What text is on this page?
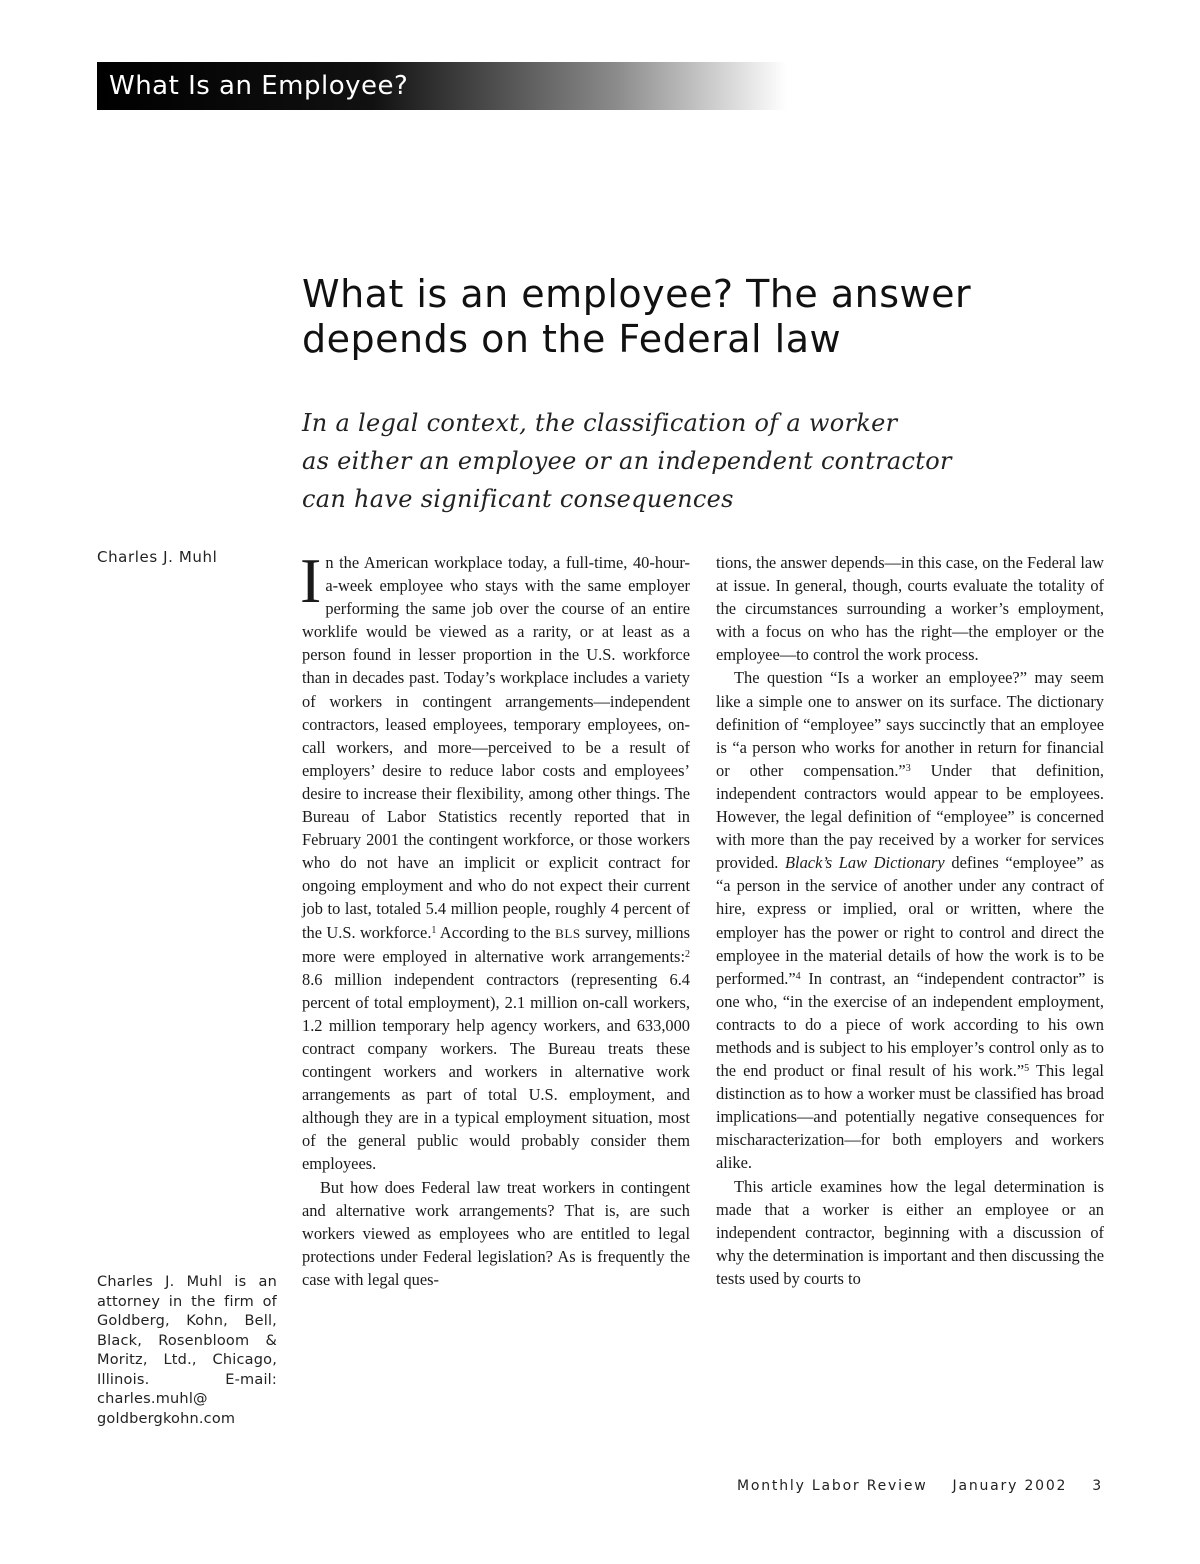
What Is an Employee?
What is an employee? The answer
depends on the Federal law

In a legal context, the classification of a worker
as either an employee or an independent contractor
can have significant consequences

Charles J. Muhl
Charles J. Muhl is an attorney in the firm of Goldberg, Kohn, Bell, Black, Rosenbloom & Moritz, Ltd., Chicago, Illinois. E-mail: charles.muhl@ goldbergkohn.com

In the American workplace today, a full-time, 40-hour-a-week employee who stays with the same employer performing the same job over the course of an entire worklife would be viewed as a rarity, or at least as a person found in lesser proportion in the U.S. workforce than in decades past. Today’s workplace includes a variety of workers in contingent arrangements—independent contractors, leased employees, temporary employees, on-call workers, and more—perceived to be a result of employers’ desire to reduce labor costs and employees’ desire to increase their flexibility, among other things. The Bureau of Labor Statistics recently reported that in February 2001 the contingent workforce, or those workers who do not have an implicit or explicit contract for ongoing employment and who do not expect their current job to last, totaled 5.4 million people, roughly 4 percent of the U.S. workforce.$^1$ According to the BLS survey, millions more were employed in alternative work arrangements:$^2$ 8.6 million independent contractors (representing 6.4 percent of total employment), 2.1 million on-call workers, 1.2 million temporary help agency workers, and 633,000 contract company workers. The Bureau treats these contingent workers and workers in alternative work arrangements as part of total U.S. employment, and although they are in a typical employment situation, most of the general public would probably consider them employees.

But how does Federal law treat workers in contingent and alternative work arrangements? That is, are such workers viewed as employees who are entitled to legal protections under Federal legislation? As is frequently the case with legal ques-

tions, the answer depends—in this case, on the Federal law at issue. In general, though, courts evaluate the totality of the circumstances surrounding a worker’s employment, with a focus on who has the right—the employer or the employee—to control the work process.

The question “Is a worker an employee?” may seem like a simple one to answer on its surface. The dictionary definition of “employee” says succinctly that an employee is “a person who works for another in return for financial or other compensation.”$^3$ Under that definition, independent contractors would appear to be employees. However, the legal definition of “employee” is concerned with more than the pay received by a worker for services provided. Black’s Law Dictionary defines “employee” as “a person in the service of another under any contract of hire, express or implied, oral or written, where the employer has the power or right to control and direct the employee in the material details of how the work is to be performed.”$^4$ In contrast, an “independent contractor” is one who, “in the exercise of an independent employment, contracts to do a piece of work according to his own methods and is subject to his employer’s control only as to the end product or final result of his work.”$^5$ This legal distinction as to how a worker must be classified has broad implications—and potentially negative consequences for mischaracterization—for both employers and workers alike.

This article examines how the legal determination is made that a worker is either an employee or an independent contractor, beginning with a discussion of why the determination is important and then discussing the tests used by courts to

Monthly Labor Review January 2002 3
